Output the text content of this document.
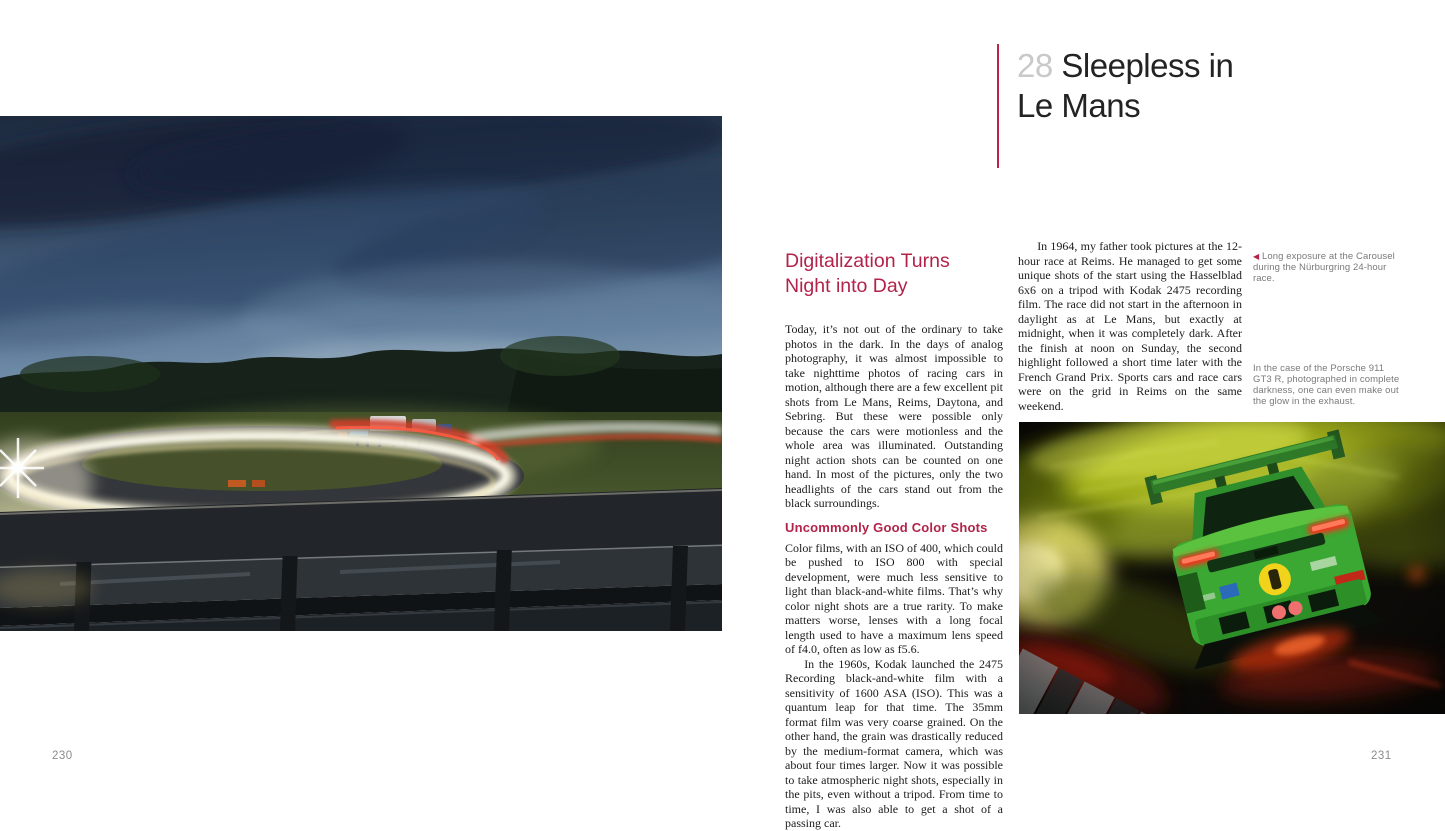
230
28 Sleepless in
Le Mans
Digitalization Turns
Night into Day

Today, it’s not out of the ordinary to take photos in the dark. In the days of analog photography, it was almost impossible to take nighttime photos of racing cars in motion, although there are a few excellent pit shots from Le Mans, Reims, Daytona, and Sebring. But these were possible only because the cars were motionless and the whole area was illuminated. Outstanding night action shots can be counted on one hand. In most of the pictures, only the two headlights of the cars stand out from the black surroundings.

Uncommonly Good Color Shots

Color films, with an ISO of 400, which could be pushed to ISO 800 with special development, were much less sensitive to light than black-and-white films. That’s why color night shots are a true rarity. To make matters worse, lenses with a long focal length used to have a maximum lens speed of f4.0, often as low as f5.6.

In the 1960s, Kodak launched the 2475 Recording black-and-white film with a sensitivity of 1600 ASA (ISO). This was a quantum leap for that time. The 35mm format film was very coarse grained. On the other hand, the grain was drastically reduced by the medium-format camera, which was about four times larger. Now it was possible to take atmospheric night shots, especially in the pits, even without a tripod. From time to time, I was also able to get a shot of a passing car.

In 1964, my father took pictures at the 12-hour race at Reims. He managed to get some unique shots of the start using the Hasselblad 6x6 on a tripod with Kodak 2475 recording film. The race did not start in the afternoon in daylight as at Le Mans, but exactly at midnight, when it was completely dark. After the finish at noon on Sunday, the second highlight followed a short time later with the French Grand Prix. Sports cars and race cars were on the grid in Reims on the same weekend.

◀ Long exposure at the Carousel during the Nürburgring 24-hour race.
In the case of the Porsche 911 GT3 R, photographed in complete darkness, one can even make out the glow in the exhaust.
231
